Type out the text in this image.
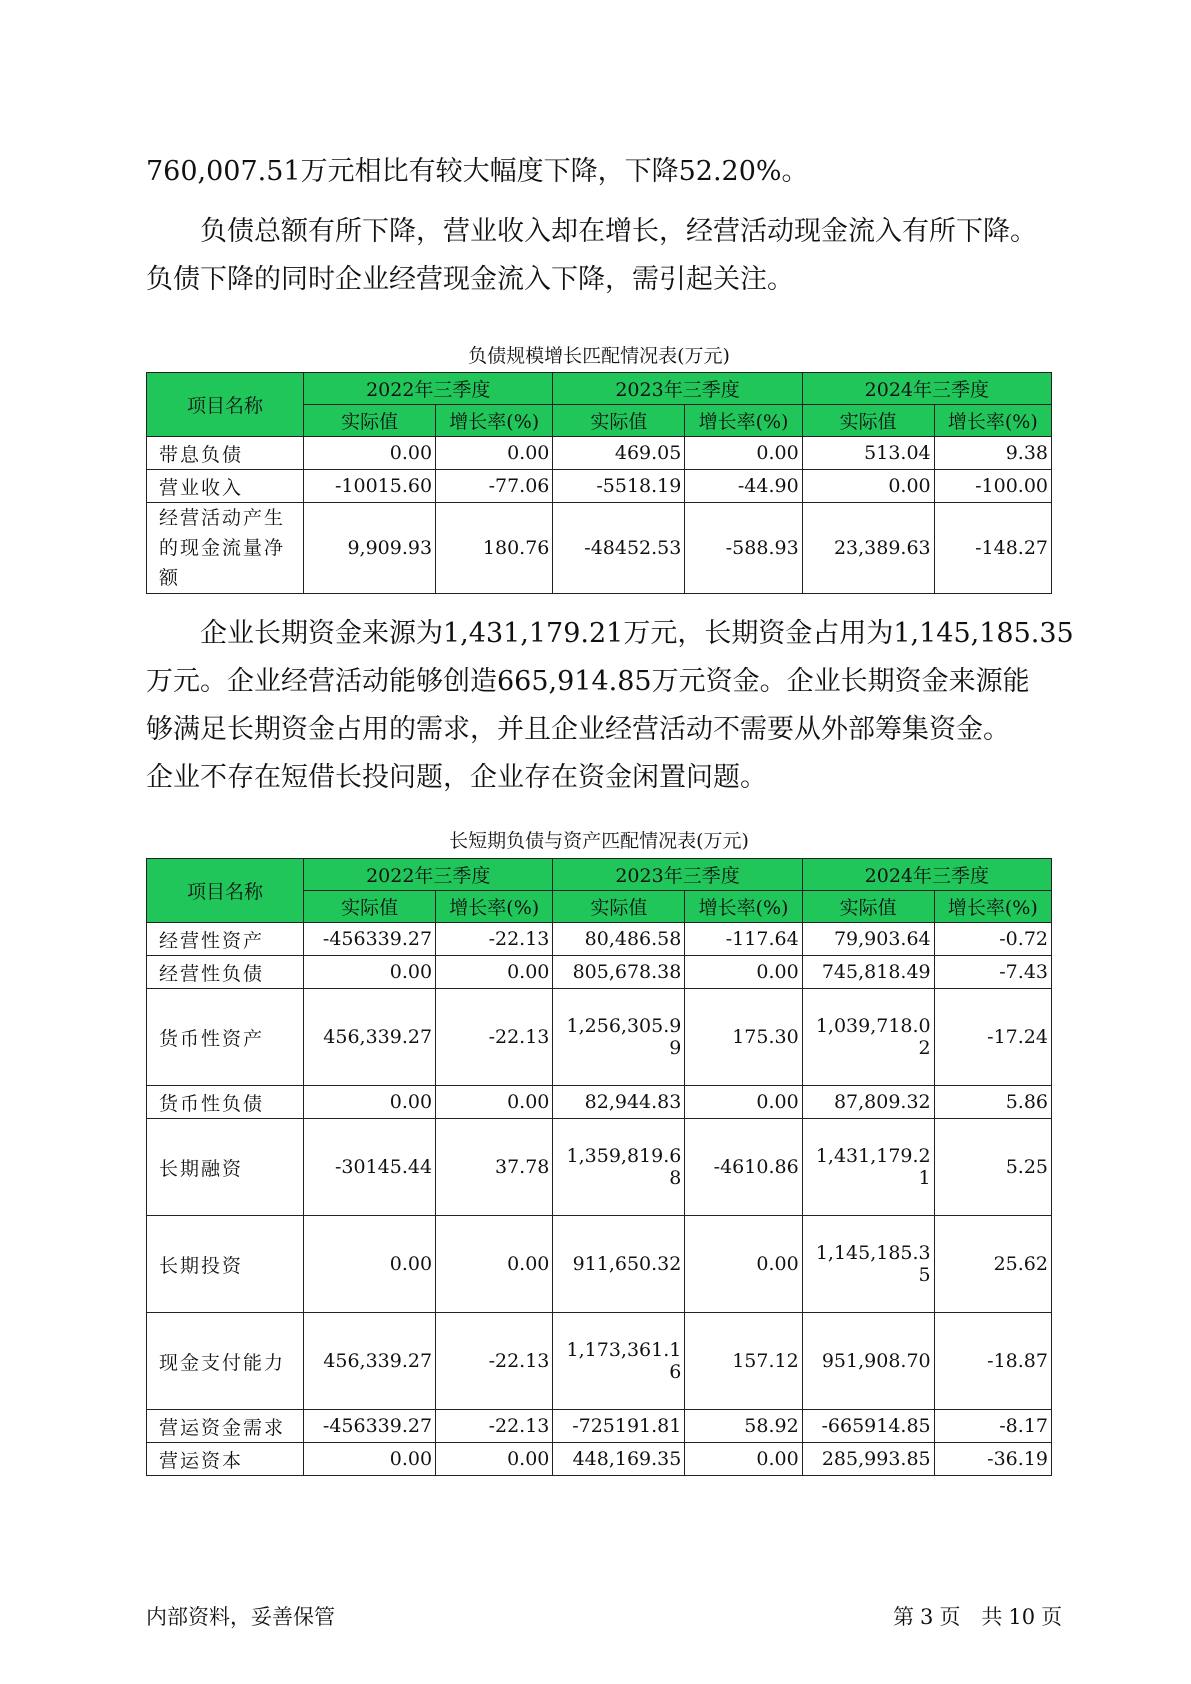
760,007.51万元相比有较大幅度下降，下降52.20%。
　　负债总额有所下降，营业收入却在增长，经营活动现金流入有所下降。
负债下降的同时企业经营现金流入下降，需引起关注。
负债规模增长匹配情况表(万元)
项目名称	2022年三季度		2023年三季度		2024年三季度	
	实际值	增长率(%)	实际值	增长率(%)	实际值	增长率(%)
带息负债	0.00	0.00	469.05	0.00	513.04	9.38
营业收入	-10015.60	-77.06	-5518.19	-44.90	0.00	-100.00
经营活动产生的现金流量净额	9,909.93	180.76	-48452.53	-588.93	23,389.63	-148.27
　　企业长期资金来源为1,431,179.21万元，长期资金占用为1,145,185.35
万元。企业经营活动能够创造665,914.85万元资金。企业长期资金来源能
够满足长期资金占用的需求，并且企业经营活动不需要从外部筹集资金。
企业不存在短借长投问题，企业存在资金闲置问题。
长短期负债与资产匹配情况表(万元)
项目名称	2022年三季度		2023年三季度		2024年三季度	
	实际值	增长率(%)	实际值	增长率(%)	实际值	增长率(%)
经营性资产	-456339.27	-22.13	80,486.58	-117.64	79,903.64	-0.72
经营性负债	0.00	0.00	805,678.38	0.00	745,818.49	-7.43
货币性资产	456,339.27	-22.13	1,256,305.99	175.30	1,039,718.02	-17.24
货币性负债	0.00	0.00	82,944.83	0.00	87,809.32	5.86
长期融资	-30145.44	37.78	1,359,819.68	-4610.86	1,431,179.21	5.25
长期投资	0.00	0.00	911,650.32	0.00	1,145,185.35	25.62
现金支付能力	456,339.27	-22.13	1,173,361.16	157.12	951,908.70	-18.87
营运资金需求	-456339.27	-22.13	-725191.81	58.92	-665914.85	-8.17
营运资本	0.00	0.00	448,169.35	0.00	285,993.85	-36.19
内部资料，妥善保管	第 3 页　共 10 页
